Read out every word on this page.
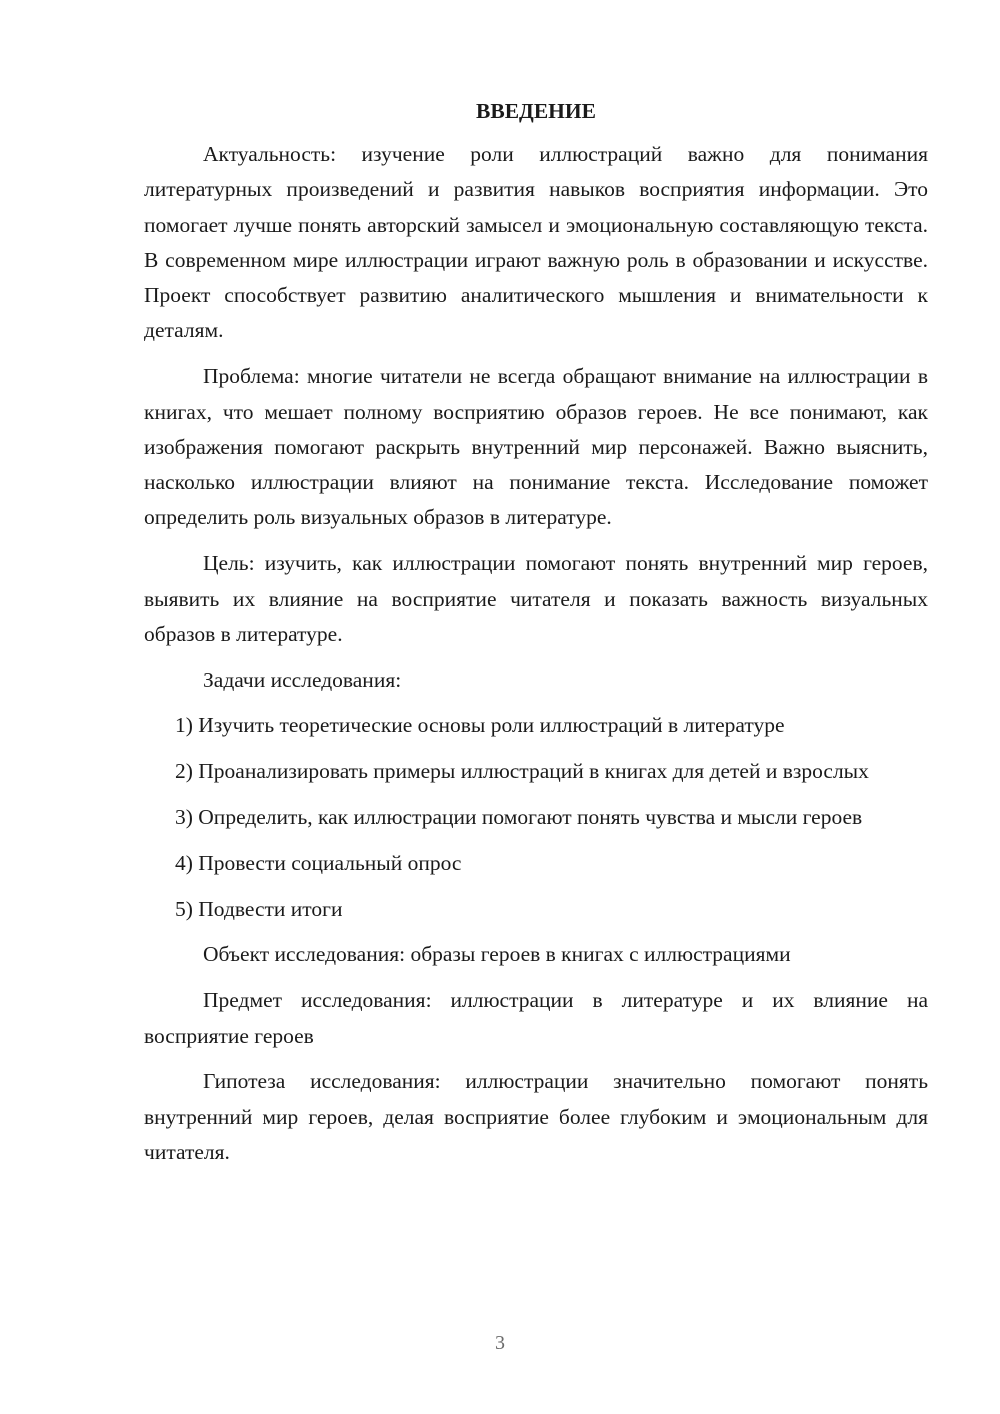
ВВЕДЕНИЕ

Актуальность: изучение роли иллюстраций важно для понимания литературных произведений и развития навыков восприятия информации. Это помогает лучше понять авторский замысел и эмоциональную составляющую текста. В современном мире иллюстрации играют важную роль в образовании и искусстве. Проект способствует развитию аналитического мышления и внимательности к деталям.

Проблема: многие читатели не всегда обращают внимание на иллюстрации в книгах, что мешает полному восприятию образов героев. Не все понимают, как изображения помогают раскрыть внутренний мир персонажей. Важно выяснить, насколько иллюстрации влияют на понимание текста. Исследование поможет определить роль визуальных образов в литературе.

Цель: изучить, как иллюстрации помогают понять внутренний мир героев, выявить их влияние на восприятие читателя и показать важность визуальных образов в литературе.

Задачи исследования:

1) Изучить теоретические основы роли иллюстраций в литературе

2) Проанализировать примеры иллюстраций в книгах для детей и взрослых

3) Определить, как иллюстрации помогают понять чувства и мысли героев

4) Провести социальный опрос

5) Подвести итоги

Объект исследования: образы героев в книгах с иллюстрациями

Предмет исследования: иллюстрации в литературе и их влияние на восприятие героев

Гипотеза исследования: иллюстрации значительно помогают понять внутренний мир героев, делая восприятие более глубоким и эмоциональным для читателя.

3
